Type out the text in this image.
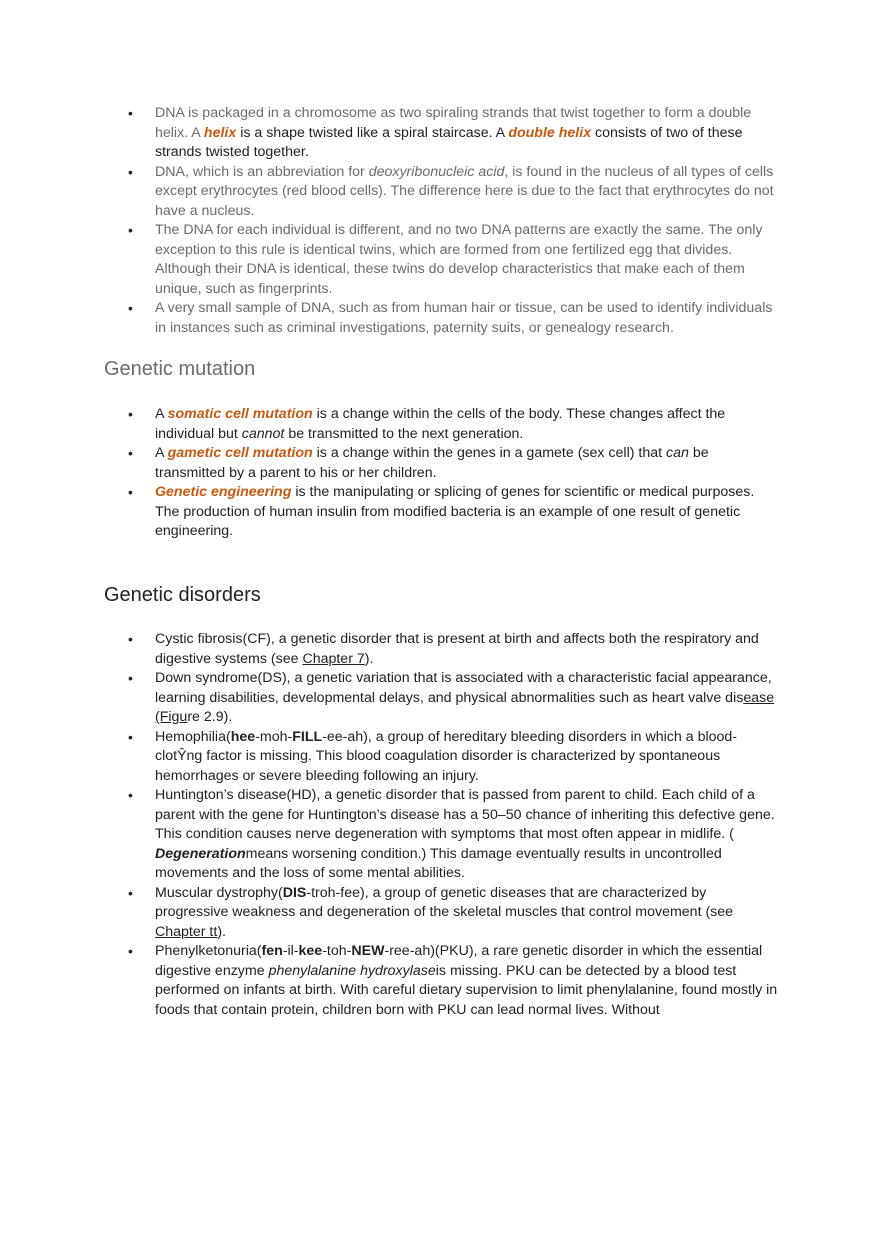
• DNA is packaged in a chromosome as two spiraling strands that twist together to form a double helix. A helix is a shape twisted like a spiral staircase. A double helix consists of two of these strands twisted together.
• DNA, which is an abbreviation for deoxyribonucleic acid, is found in the nucleus of all types of cells except erythrocytes (red blood cells). The difference here is due to the fact that erythrocytes do not have a nucleus.
• The DNA for each individual is different, and no two DNA patterns are exactly the same. The only exception to this rule is identical twins, which are formed from one fertilized egg that divides. Although their DNA is identical, these twins do develop characteristics that make each of them unique, such as fingerprints.
• A very small sample of DNA, such as from human hair or tissue, can be used to identify individuals in instances such as criminal investigations, paternity suits, or genealogy research.
Genetic mutation
• A somatic cell mutation is a change within the cells of the body. These changes affect the individual but cannot be transmitted to the next generation.
• A gametic cell mutation is a change within the genes in a gamete (sex cell) that can be transmitted by a parent to his or her children.
• Genetic engineering is the manipulating or splicing of genes for scientific or medical purposes. The production of human insulin from modified bacteria is an example of one result of genetic engineering.
Genetic disorders
• Cystic fibrosis(CF), a genetic disorder that is present at birth and affects both the respiratory and digestive systems (see Chapter 7).
• Down syndrome(DS), a genetic variation that is associated with a characteristic facial appearance, learning disabilities, developmental delays, and physical abnormalities such as heart valve disease (Figure 2.9).
• Hemophilia(hee-moh-FILL-ee-ah), a group of hereditary bleeding disorders in which a blood-clotŶng factor is missing. This blood coagulation disorder is characterized by spontaneous hemorrhages or severe bleeding following an injury.
• Huntington’s disease(HD), a genetic disorder that is passed from parent to child. Each child of a parent with the gene for Huntington’s disease has a 50–50 chance of inheriting this defective gene. This condition causes nerve degeneration with symptoms that most often appear in midlife. ( Degenerationmeans worsening condition.) This damage eventually results in uncontrolled movements and the loss of some mental abilities.
• Muscular dystrophy(DIS-troh-fee), a group of genetic diseases that are characterized by progressive weakness and degeneration of the skeletal muscles that control movement (see Chapter tt).
• Phenylketonuria(fen-il-kee-toh-NEW-ree-ah)(PKU), a rare genetic disorder in which the essential digestive enzyme phenylalanine hydroxylaseis missing. PKU can be detected by a blood test performed on infants at birth. With careful dietary supervision to limit phenylalanine, found mostly in foods that contain protein, children born with PKU can lead normal lives. Without
